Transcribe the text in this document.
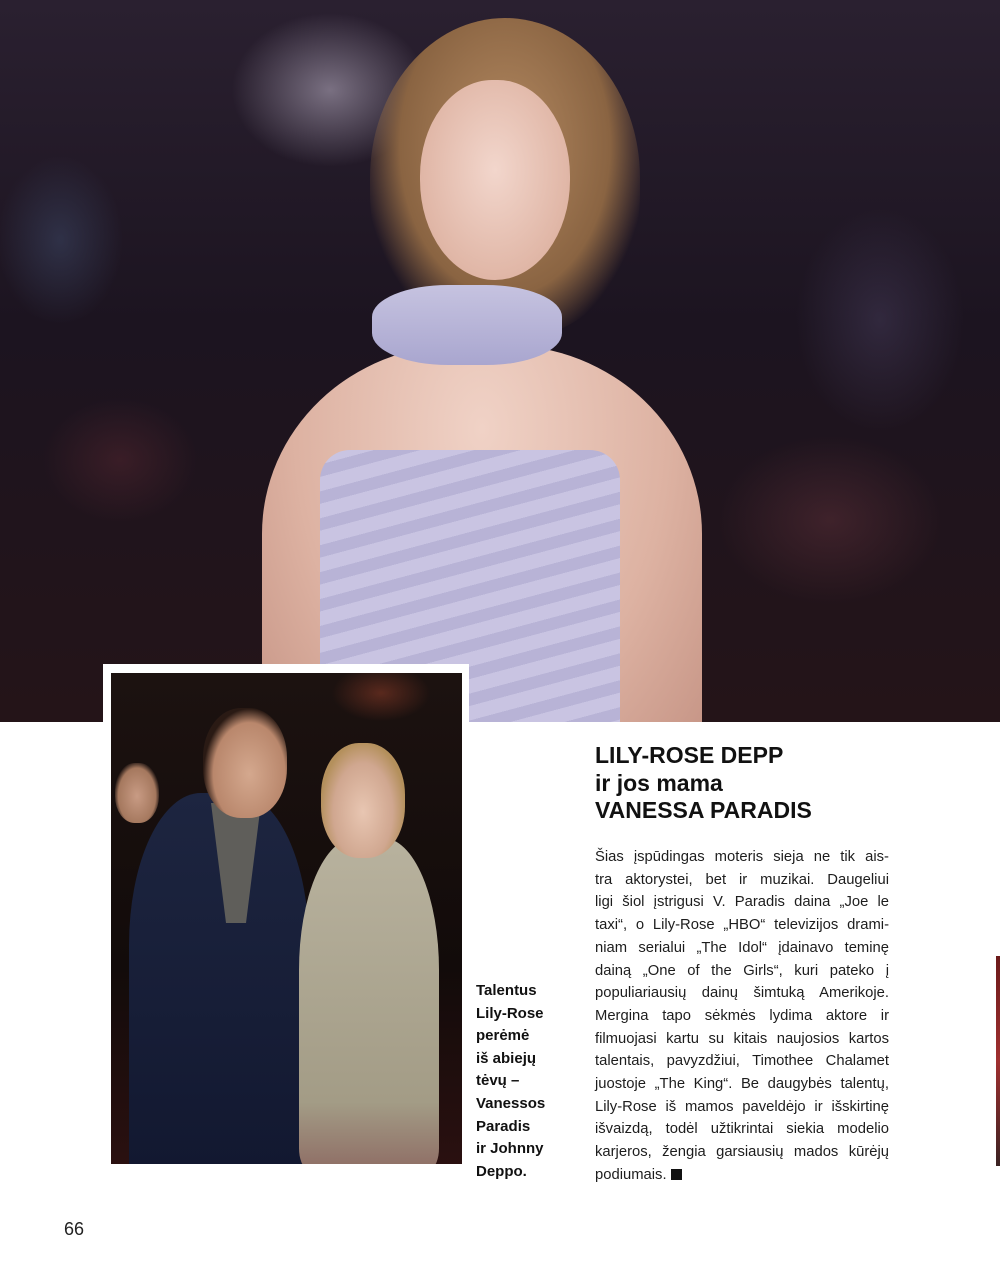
Talentus
Lily-Rose
perėmė
iš abiejų
tėvų –
Vanessos
Paradis
ir Johnny
Deppo.

LILY-ROSE DEPP
ir jos mama
VANESSA PARADIS

Šias įspūdingas moteris sieja ne tik ais-
tra aktorystei, bet ir muzikai. Daugeliui
ligi šiol įstrigusi V. Paradis daina „Joe le
taxi“, o Lily-Rose „HBO“ televizijos drami-
niam serialui „The Idol“ įdainavo teminę
dainą „One of the Girls“, kuri pateko į
populiariausių dainų šimtuką Amerikoje.
Mergina tapo sėkmės lydima aktore ir
filmuojasi kartu su kitais naujosios kartos
talentais, pavyzdžiui, Timothee Chalamet
juostoje „The King“. Be daugybės talentų,
Lily-Rose iš mamos paveldėjo ir išskirtinę
išvaizdą, todėl užtikrintai siekia modelio
karjeros, žengia garsiausių mados kūrėjų
podiumais.

66
